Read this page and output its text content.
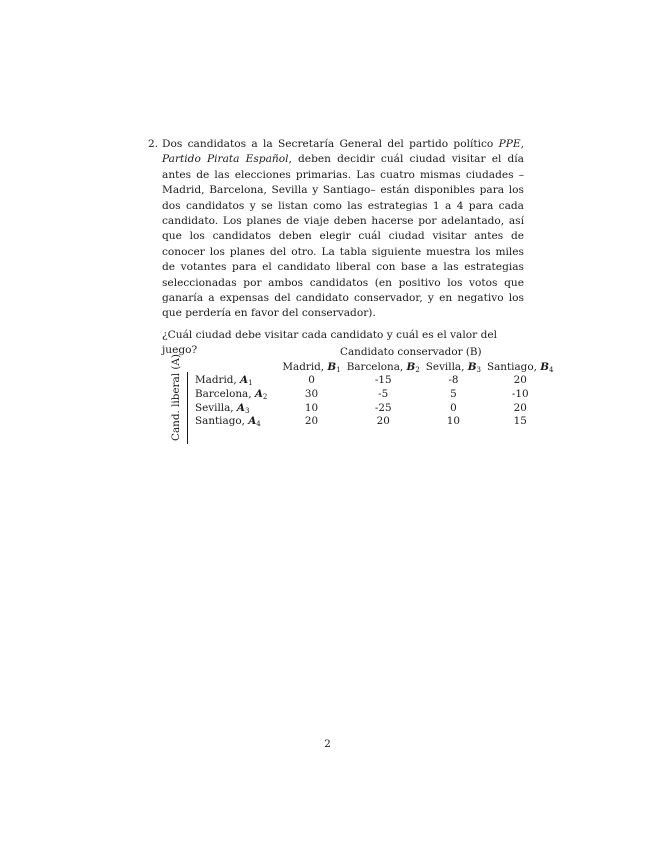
2. Dos candidatos a la Secretaría General del partido político PPE, Partido Pirata Español, deben decidir cuál ciudad visitar el día antes de las elecciones primarias. Las cuatro mismas ciudades – Madrid, Barcelona, Sevilla y Santiago– están disponibles para los dos candidatos y se listan como las estrategias 1 a 4 para cada candidato. Los planes de viaje deben hacerse por adelantado, así que los candidatos deben elegir cuál ciudad visitar antes de conocer los planes del otro. La tabla siguiente muestra los miles de votantes para el candidato liberal con base a las estrategias seleccionadas por ambos candidatos (en positivo los votos que ganaría a expensas del candidato conservador, y en negativo los que perdería en favor del conservador).
¿Cuál ciudad debe visitar cada candidato y cuál es el valor del juego?
Cand. liberal (A)
Candidato conservador (B)
	Madrid, $B_1$	Barcelona, $B_2$	Sevilla, $B_3$	Santiago, $B_4$
Madrid, $A_1$	0	-15	-8	20
Barcelona, $A_2$	30	-5	5	-10
Sevilla, $A_3$	10	-25	0	20
Santiago, $A_4$	20	20	10	15
2
